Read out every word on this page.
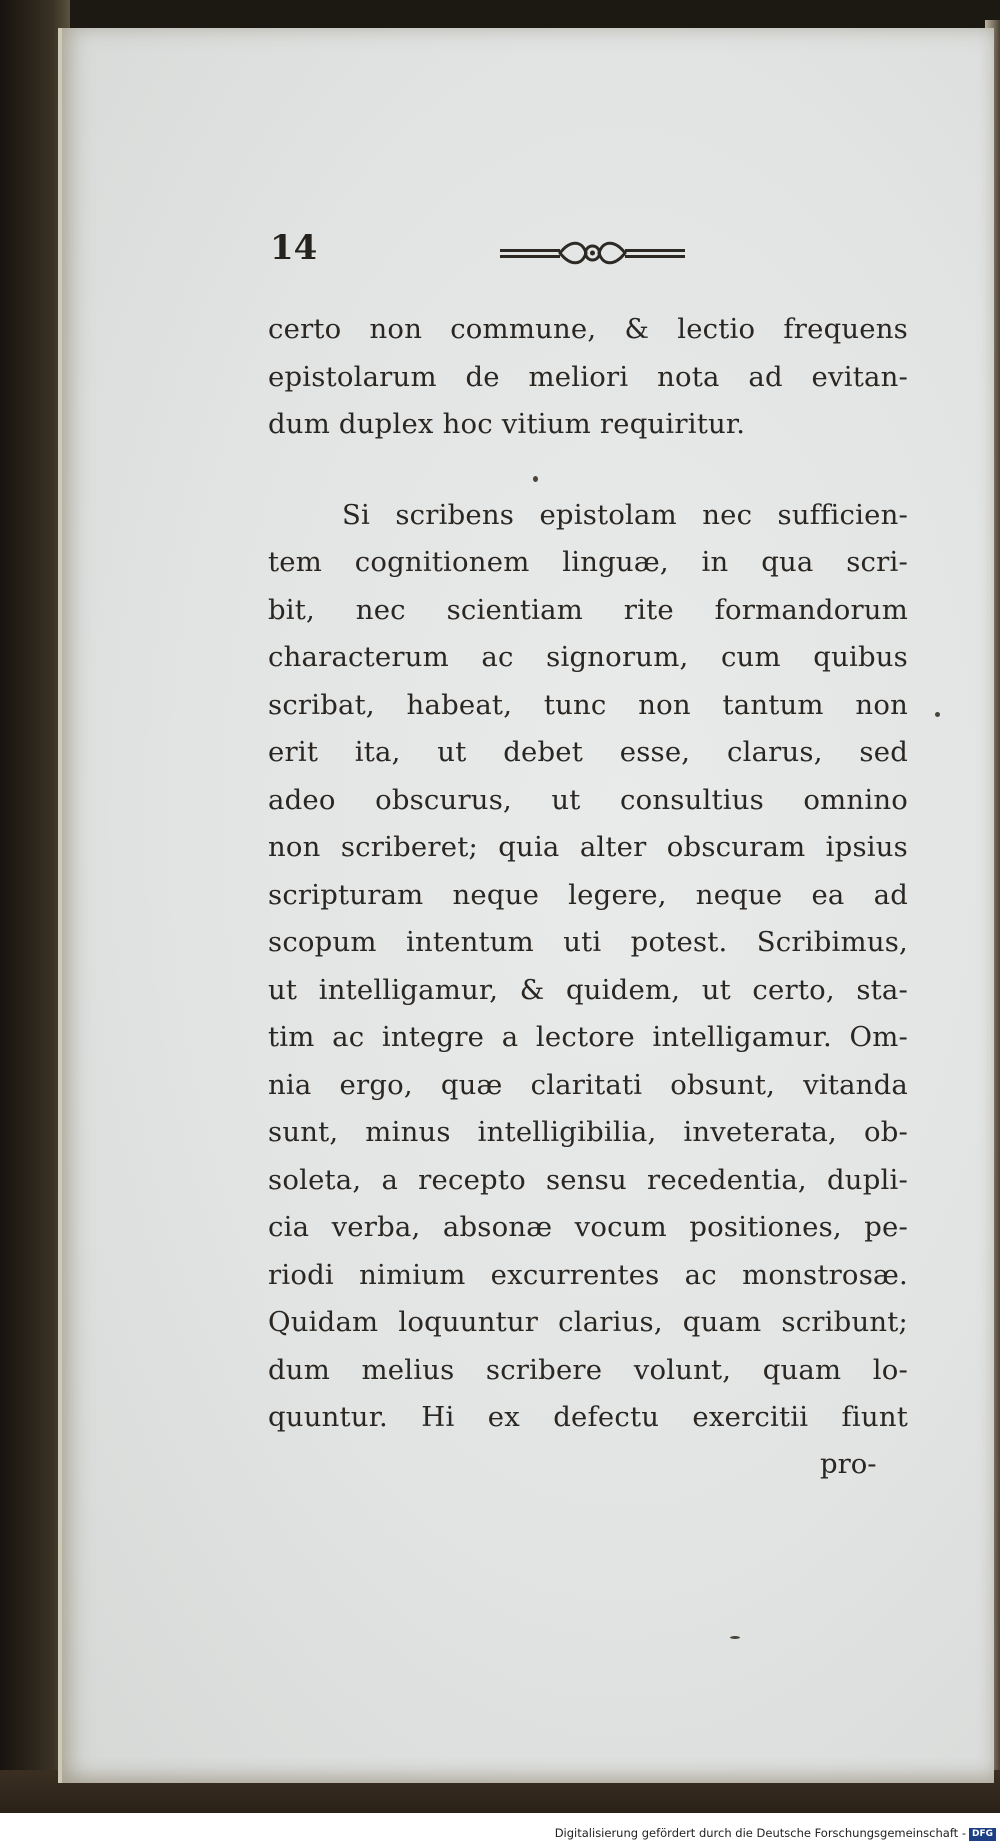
14
certo non commune, & lectio frequens
epistolarum de meliori nota ad evitan-
dum duplex hoc vitium requiritur.
Si scribens epistolam nec sufficien-
tem cognitionem linguæ, in qua scri-
bit, nec scientiam rite formandorum
characterum ac signorum, cum quibus
scribat, habeat, tunc non tantum non
erit ita, ut debet esse, clarus, sed
adeo obscurus, ut consultius omnino
non scriberet; quia alter obscuram ipsius
scripturam neque legere, neque ea ad
scopum intentum uti potest. Scribimus,
ut intelligamur, & quidem, ut certo, sta-
tim ac integre a lectore intelligamur. Om-
nia ergo, quæ claritati obsunt, vitanda
sunt, minus intelligibilia, inveterata, ob-
soleta, a recepto sensu recedentia, dupli-
cia verba, absonæ vocum positiones, pe-
riodi nimium excurrentes ac monstrosæ.
Quidam loquuntur clarius, quam scribunt;
dum melius scribere volunt, quam lo-
quuntur. Hi ex defectu exercitii fiunt
pro-
Digitalisierung gefördert durch die Deutsche Forschungsgemeinschaft - DFG
